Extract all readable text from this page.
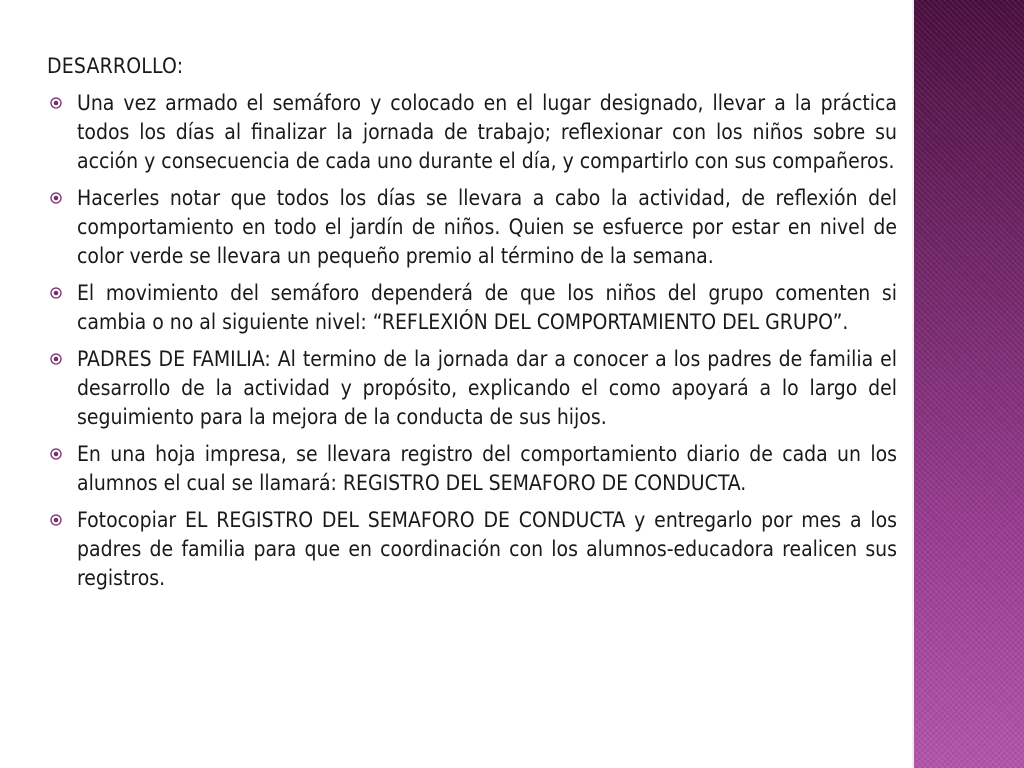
DESARROLLO:
Una vez armado el semáforo y colocado en el lugar designado, llevar a la práctica todos los días al finalizar la jornada de trabajo; reflexionar con los niños sobre su acción y consecuencia de cada uno durante el día, y compartirlo con sus compañeros.
Hacerles notar que todos los días se llevara a cabo la actividad, de reflexión del comportamiento en todo el jardín de niños. Quien se esfuerce por estar en nivel de color verde se llevara un pequeño premio al término de la semana.
El movimiento del semáforo dependerá de que los niños del grupo comenten si cambia o no al siguiente nivel: “REFLEXIÓN DEL COMPORTAMIENTO DEL GRUPO”.
PADRES DE FAMILIA: Al termino de la jornada dar a conocer a los padres de familia el desarrollo de la actividad y propósito, explicando el como apoyará a lo largo del seguimiento para la mejora de la conducta de sus hijos.
En una hoja impresa, se llevara registro del comportamiento diario de cada un los alumnos el cual se llamará: REGISTRO DEL SEMAFORO DE CONDUCTA.
Fotocopiar EL REGISTRO DEL SEMAFORO DE CONDUCTA y entregarlo por mes a los padres de familia para que en coordinación con los alumnos-educadora realicen sus registros.
